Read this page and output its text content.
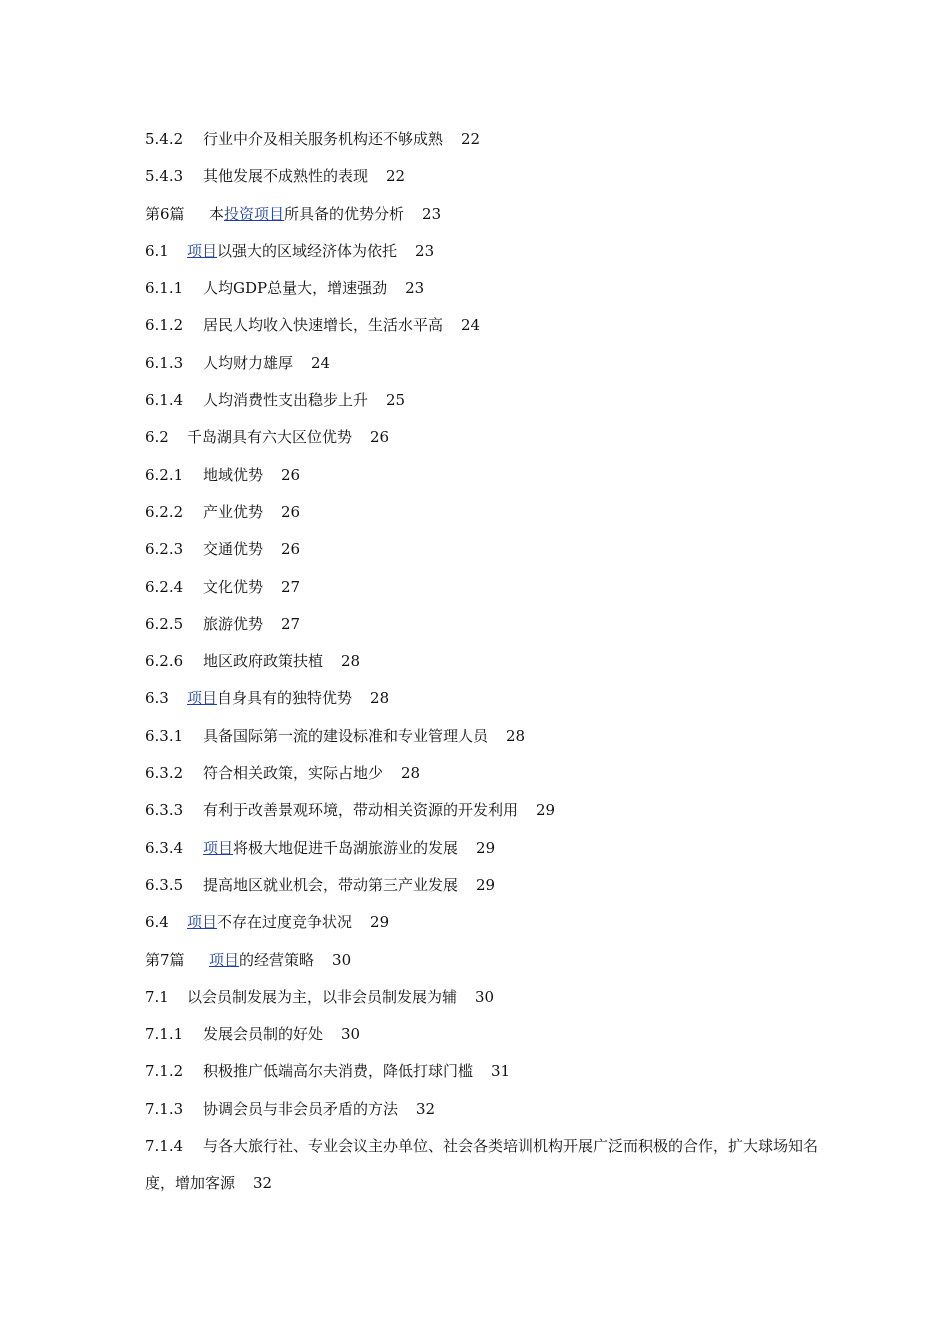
5.4.2 行业中介及相关服务机构还不够成熟 22
5.4.3 其他发展不成熟性的表现 22
第6篇 本投资项目所具备的优势分析 23
6.1 项目以强大的区域经济体为依托 23
6.1.1 人均GDP总量大，增速强劲 23
6.1.2 居民人均收入快速增长，生活水平高 24
6.1.3 人均财力雄厚 24
6.1.4 人均消费性支出稳步上升 25
6.2 千岛湖具有六大区位优势 26
6.2.1 地域优势 26
6.2.2 产业优势 26
6.2.3 交通优势 26
6.2.4 文化优势 27
6.2.5 旅游优势 27
6.2.6 地区政府政策扶植 28
6.3 项目自身具有的独特优势 28
6.3.1 具备国际第一流的建设标准和专业管理人员 28
6.3.2 符合相关政策，实际占地少 28
6.3.3 有利于改善景观环境，带动相关资源的开发利用 29
6.3.4 项目将极大地促进千岛湖旅游业的发展 29
6.3.5 提高地区就业机会，带动第三产业发展 29
6.4 项目不存在过度竞争状况 29
第7篇 项目的经营策略 30
7.1 以会员制发展为主，以非会员制发展为辅 30
7.1.1 发展会员制的好处 30
7.1.2 积极推广低端高尔夫消费，降低打球门槛 31
7.1.3 协调会员与非会员矛盾的方法 32
7.1.4 与各大旅行社、专业会议主办单位、社会各类培训机构开展广泛而积极的合作，扩大球场知名度，增加客源 32
